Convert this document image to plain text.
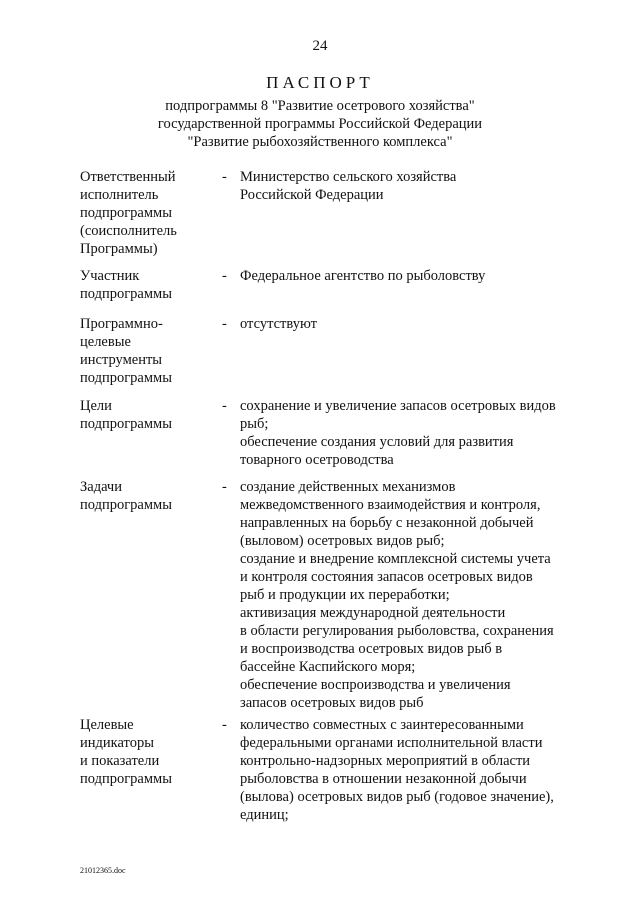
24
ПАСПОРТ
подпрограммы 8 "Развитие осетрового хозяйства"
государственной программы Российской Федерации
"Развитие рыбохозяйственного комплекса"
Ответственный
исполнитель
подпрограммы
(соисполнитель
Программы)
- Министерство сельского хозяйства
Российской Федерации
Участник
подпрограммы
- Федеральное агентство по рыболовству
Программно-
целевые
инструменты
подпрограммы
- отсутствуют
Цели
подпрограммы
- сохранение и увеличение запасов осетровых видов
рыб;
обеспечение создания условий для развития
товарного осетроводства
Задачи
подпрограммы
- создание действенных механизмов
межведомственного взаимодействия и контроля,
направленных на борьбу с незаконной добычей
(выловом) осетровых видов рыб;
создание и внедрение комплексной системы учета
и контроля состояния запасов осетровых видов
рыб и продукции их переработки;
активизация международной деятельности
в области регулирования рыболовства, сохранения
и воспроизводства осетровых видов рыб в
бассейне Каспийского моря;
обеспечение воспроизводства и увеличения
запасов осетровых видов рыб
Целевые
индикаторы
и показатели
подпрограммы
- количество совместных с заинтересованными
федеральными органами исполнительной власти
контрольно-надзорных мероприятий в области
рыболовства в отношении незаконной добычи
(вылова) осетровых видов рыб (годовое значение),
единиц;
21012365.doc
